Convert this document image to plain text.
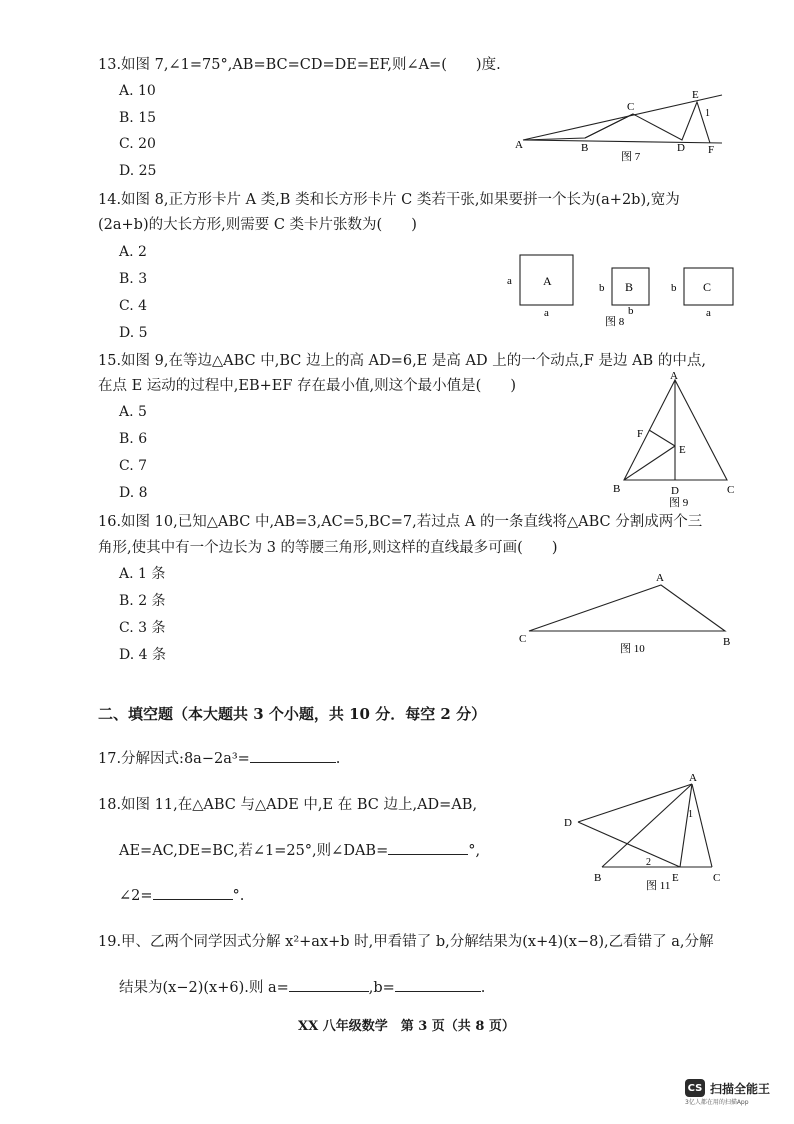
13.如图 7,∠1=75°,AB=BC=CD=DE=EF,则∠A=(　　)度.
A. 10
B. 15
C. 20
D. 25
A	B
C
D
E
F
1
图 7
14.如图 8,正方形卡片 A 类,B 类和长方形卡片 C 类若干张,如果要拼一个长为(a+2b),宽为
(2a+b)的大长方形,则需要 C 类卡片张数为(　　)
A. 2
B. 3
C. 4
D. 5
A
a
a
B
b
b
C
b
a
图 8
15.如图 9,在等边△ABC 中,BC 边上的高 AD=6,E 是高 AD 上的一个动点,F 是边 AB 的中点,
在点 E 运动的过程中,EB+EF 存在最小值,则这个最小值是(　　)
A. 5
B. 6
C. 7
D. 8
A
B	C
D
E
F
图 9
16.如图 10,已知△ABC 中,AB=3,AC=5,BC=7,若过点 A 的一条直线将△ABC 分割成两个三
角形,使其中有一个边长为 3 的等腰三角形,则这样的直线最多可画(　　)
A. 1 条
B. 2 条
C. 3 条
D. 4 条
A
B
C
图 10
二、填空题（本大题共 3 个小题，共 10 分．每空 2 分）
17.分解因式:8a−2a³=	.
18.如图 11,在△ABC 与△ADE 中,E 在 BC 边上,AD=AB,
AE=AC,DE=BC,若∠1=25°,则∠DAB=	°,
∠2=	°.
A
B	C
D
E
1
2
图 11
19.甲、乙两个同学因式分解 x²+ax+b 时,甲看错了 b,分解结果为(x+4)(x−8),乙看错了 a,分解
结果为(x−2)(x+6).则 a=	,b=	.
XX 八年级数学　第 3 页（共 8 页）
CS 扫描全能王
3亿人都在用的扫描App
